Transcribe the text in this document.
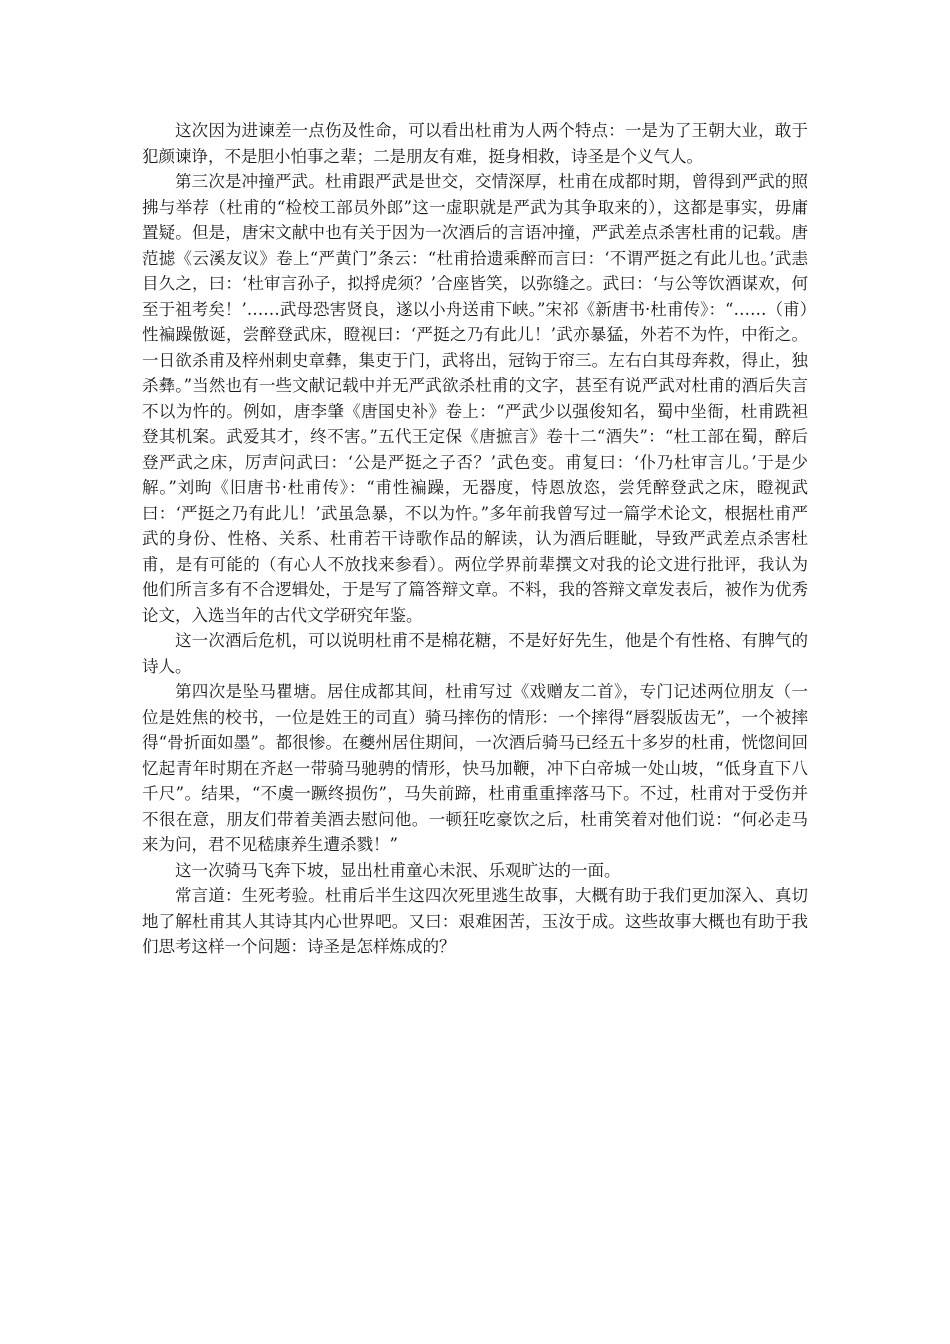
这次因为进谏差一点伤及性命，可以看出杜甫为人两个特点：一是为了王朝大业，敢于犯颜谏诤，不是胆小怕事之辈；二是朋友有难，挺身相救，诗圣是个义气人。

第三次是冲撞严武。杜甫跟严武是世交，交情深厚，杜甫在成都时期，曾得到严武的照拂与举荐（杜甫的“检校工部员外郎”这一虚职就是严武为其争取来的），这都是事实，毋庸置疑。但是，唐宋文献中也有关于因为一次酒后的言语冲撞，严武差点杀害杜甫的记载。唐范摅《云溪友议》卷上“严黄门”条云：“杜甫拾遗乘醉而言曰：‘不谓严挺之有此儿也。’武恚目久之，曰：‘杜审言孙子，拟捋虎须？’合座皆笑，以弥缝之。武曰：‘与公等饮酒谋欢，何至于祖考矣！’……武母恐害贤良，遂以小舟送甫下峡。”宋祁《新唐书·杜甫传》：“……（甫）性褊躁傲诞，尝醉登武床，瞪视曰：‘严挺之乃有此儿！’武亦暴猛，外若不为忤，中衔之。一日欲杀甫及梓州刺史章彝，集吏于门，武将出，冠钩于帘三。左右白其母奔救，得止，独杀彝。”当然也有一些文献记载中并无严武欲杀杜甫的文字，甚至有说严武对杜甫的酒后失言不以为忤的。例如，唐李肇《唐国史补》卷上：“严武少以强俊知名，蜀中坐衙，杜甫跣袒登其机案。武爱其才，终不害。”五代王定保《唐摭言》卷十二“酒失”：“杜工部在蜀，醉后登严武之床，厉声问武曰：‘公是严挺之子否？’武色变。甫复曰：‘仆乃杜审言儿。’于是少解。”刘昫《旧唐书·杜甫传》：“甫性褊躁，无器度，恃恩放恣，尝凭醉登武之床，瞪视武曰：‘严挺之乃有此儿！’武虽急暴，不以为忤。”多年前我曾写过一篇学术论文，根据杜甫严武的身份、性格、关系、杜甫若干诗歌作品的解读，认为酒后睚眦，导致严武差点杀害杜甫，是有可能的（有心人不放找来参看）。两位学界前辈撰文对我的论文进行批评，我认为他们所言多有不合逻辑处，于是写了篇答辩文章。不料，我的答辩文章发表后，被作为优秀论文，入选当年的古代文学研究年鉴。

这一次酒后危机，可以说明杜甫不是棉花糖，不是好好先生，他是个有性格、有脾气的诗人。

第四次是坠马瞿塘。居住成都其间，杜甫写过《戏赠友二首》，专门记述两位朋友（一位是姓焦的校书，一位是姓王的司直）骑马摔伤的情形：一个摔得“唇裂版齿无”，一个被摔得“骨折面如墨”。都很惨。在夔州居住期间，一次酒后骑马已经五十多岁的杜甫，恍惚间回忆起青年时期在齐赵一带骑马驰骋的情形，快马加鞭，冲下白帝城一处山坡，“低身直下八千尺”。结果，“不虞一蹶终损伤”，马失前蹄，杜甫重重摔落马下。不过，杜甫对于受伤并不很在意，朋友们带着美酒去慰问他。一顿狂吃豪饮之后，杜甫笑着对他们说：“何必走马来为问，君不见嵇康养生遭杀戮！”

这一次骑马飞奔下坡，显出杜甫童心未泯、乐观旷达的一面。

常言道：生死考验。杜甫后半生这四次死里逃生故事，大概有助于我们更加深入、真切地了解杜甫其人其诗其内心世界吧。又曰：艰难困苦，玉汝于成。这些故事大概也有助于我们思考这样一个问题：诗圣是怎样炼成的？
